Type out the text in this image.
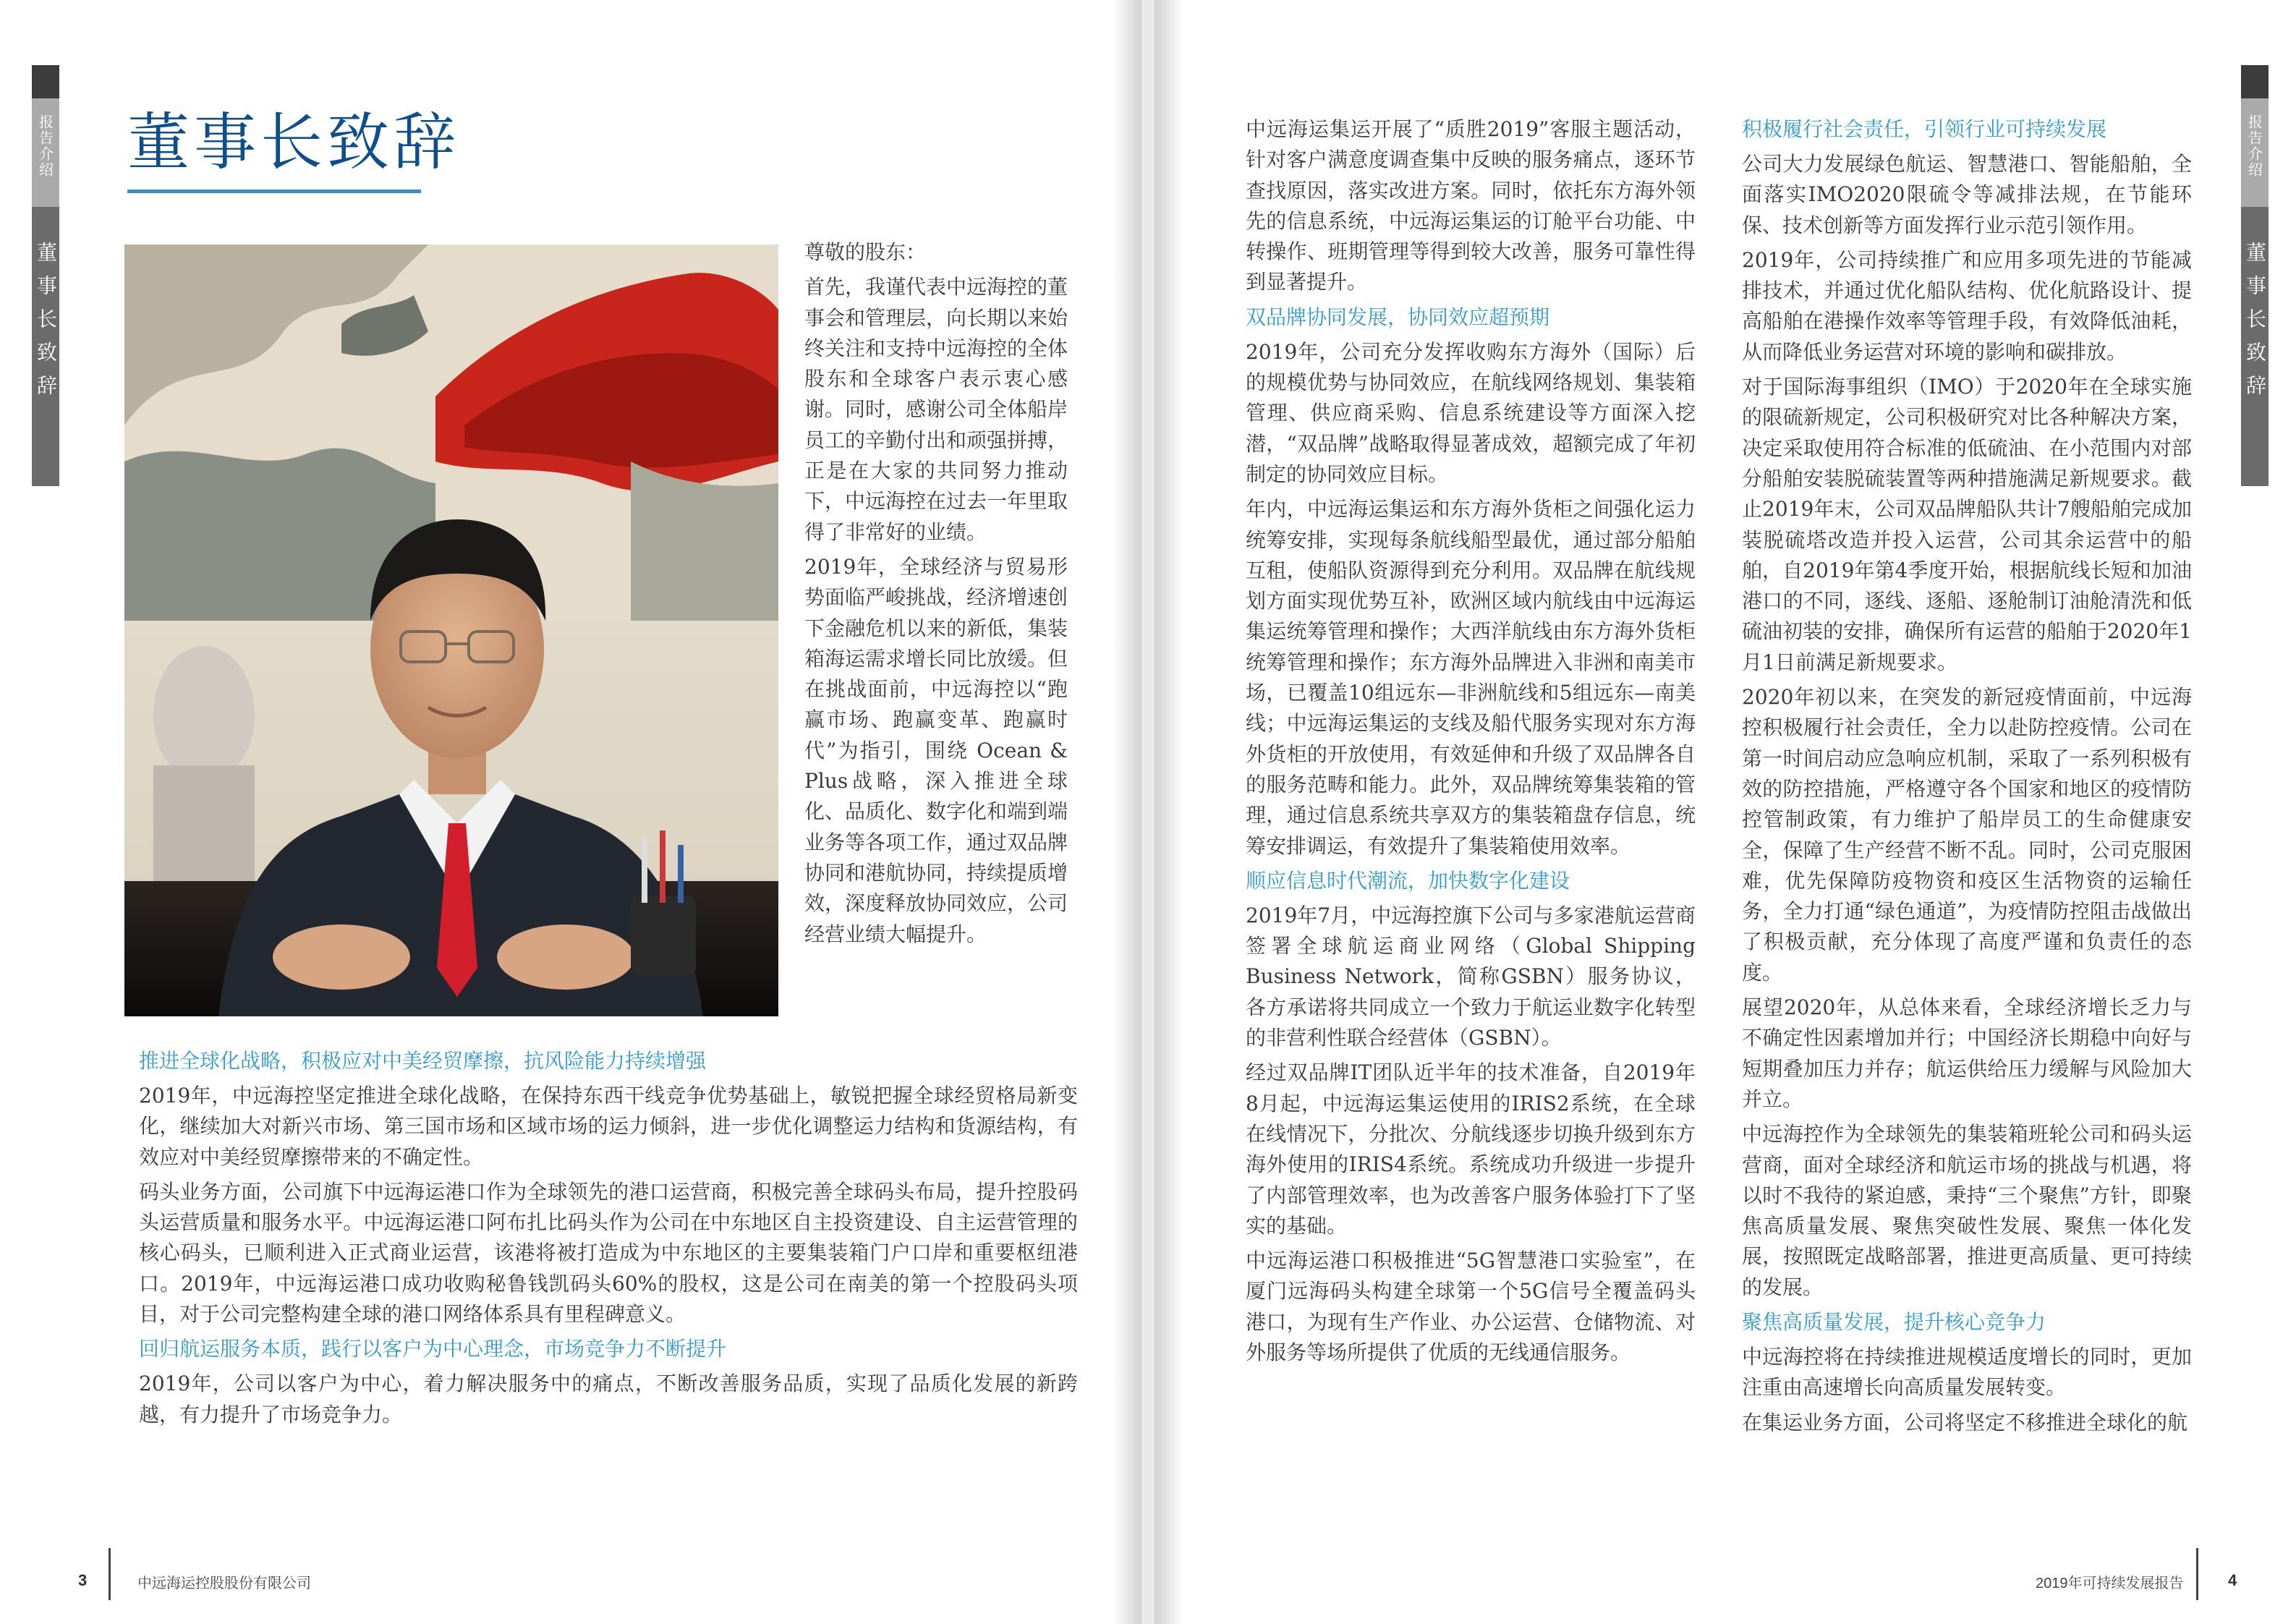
报告介绍
董事长致辞
董事长致辞

尊敬的股东：

首先，我谨代表中远海控的董事会和管理层，向长期以来始终关注和支持中远海控的全体股东和全球客户表示衷心感谢。同时，感谢公司全体船岸员工的辛勤付出和顽强拼搏，正是在大家的共同努力推动下，中远海控在过去一年里取得了非常好的业绩。

2019年，全球经济与贸易形势面临严峻挑战，经济增速创下金融危机以来的新低，集装箱海运需求增长同比放缓。但在挑战面前，中远海控以“跑赢市场、跑赢变革、跑赢时代”为指引，围绕 Ocean & Plus战略，深入推进全球化、品质化、数字化和端到端业务等各项工作，通过双品牌协同和港航协同，持续提质增效，深度释放协同效应，公司经营业绩大幅提升。

推进全球化战略，积极应对中美经贸摩擦，抗风险能力持续增强

2019年，中远海控坚定推进全球化战略，在保持东西干线竞争优势基础上，敏锐把握全球经贸格局新变化，继续加大对新兴市场、第三国市场和区域市场的运力倾斜，进一步优化调整运力结构和货源结构，有效应对中美经贸摩擦带来的不确定性。

码头业务方面，公司旗下中远海运港口作为全球领先的港口运营商，积极完善全球码头布局，提升控股码头运营质量和服务水平。中远海运港口阿布扎比码头作为公司在中东地区自主投资建设、自主运营管理的核心码头，已顺利进入正式商业运营，该港将被打造成为中东地区的主要集装箱门户口岸和重要枢纽港口。2019年，中远海运港口成功收购秘鲁钱凯码头60%的股权，这是公司在南美的第一个控股码头项目，对于公司完整构建全球的港口网络体系具有里程碑意义。

回归航运服务本质，践行以客户为中心理念，市场竞争力不断提升

2019年，公司以客户为中心，着力解决服务中的痛点，不断改善服务品质，实现了品质化发展的新跨越，有力提升了市场竞争力。

3	中远海运控股股份有限公司

中远海运集运开展了“质胜2019”客服主题活动，针对客户满意度调查集中反映的服务痛点，逐环节查找原因，落实改进方案。同时，依托东方海外领先的信息系统，中远海运集运的订舱平台功能、中转操作、班期管理等得到较大改善，服务可靠性得到显著提升。

双品牌协同发展，协同效应超预期

2019年，公司充分发挥收购东方海外（国际）后的规模优势与协同效应，在航线网络规划、集装箱管理、供应商采购、信息系统建设等方面深入挖潜，“双品牌”战略取得显著成效，超额完成了年初制定的协同效应目标。

年内，中远海运集运和东方海外货柜之间强化运力统筹安排，实现每条航线船型最优，通过部分船舶互租，使船队资源得到充分利用。双品牌在航线规划方面实现优势互补，欧洲区域内航线由中远海运集运统筹管理和操作；大西洋航线由东方海外货柜统筹管理和操作；东方海外品牌进入非洲和南美市场，已覆盖10组远东—非洲航线和5组远东—南美线；中远海运集运的支线及船代服务实现对东方海外货柜的开放使用，有效延伸和升级了双品牌各自的服务范畴和能力。此外，双品牌统筹集装箱的管理，通过信息系统共享双方的集装箱盘存信息，统筹安排调运，有效提升了集装箱使用效率。

顺应信息时代潮流，加快数字化建设

2019年7月，中远海控旗下公司与多家港航运营商签署全球航运商业网络（Global Shipping Business Network，简称GSBN）服务协议，各方承诺将共同成立一个致力于航运业数字化转型的非营利性联合经营体（GSBN）。

经过双品牌IT团队近半年的技术准备，自2019年8月起，中远海运集运使用的IRIS2系统，在全球在线情况下，分批次、分航线逐步切换升级到东方海外使用的IRIS4系统。系统成功升级进一步提升了内部管理效率，也为改善客户服务体验打下了坚实的基础。

中远海运港口积极推进“5G智慧港口实验室”，在厦门远海码头构建全球第一个5G信号全覆盖码头港口，为现有生产作业、办公运营、仓储物流、对外服务等场所提供了优质的无线通信服务。

积极履行社会责任，引领行业可持续发展

公司大力发展绿色航运、智慧港口、智能船舶，全面落实IMO2020限硫令等减排法规，在节能环保、技术创新等方面发挥行业示范引领作用。

2019年，公司持续推广和应用多项先进的节能减排技术，并通过优化船队结构、优化航路设计、提高船舶在港操作效率等管理手段，有效降低油耗，从而降低业务运营对环境的影响和碳排放。

对于国际海事组织（IMO）于2020年在全球实施的限硫新规定，公司积极研究对比各种解决方案，决定采取使用符合标准的低硫油、在小范围内对部分船舶安装脱硫装置等两种措施满足新规要求。截止2019年末，公司双品牌船队共计7艘船舶完成加装脱硫塔改造并投入运营，公司其余运营中的船舶，自2019年第4季度开始，根据航线长短和加油港口的不同，逐线、逐船、逐舱制订油舱清洗和低硫油初装的安排，确保所有运营的船舶于2020年1月1日前满足新规要求。

2020年初以来，在突发的新冠疫情面前，中远海控积极履行社会责任，全力以赴防控疫情。公司在第一时间启动应急响应机制，采取了一系列积极有效的防控措施，严格遵守各个国家和地区的疫情防控管制政策，有力维护了船岸员工的生命健康安全，保障了生产经营不断不乱。同时，公司克服困难，优先保障防疫物资和疫区生活物资的运输任务，全力打通“绿色通道”，为疫情防控阻击战做出了积极贡献，充分体现了高度严谨和负责任的态度。

展望2020年，从总体来看，全球经济增长乏力与不确定性因素增加并行；中国经济长期稳中向好与短期叠加压力并存；航运供给压力缓解与风险加大并立。

中远海控作为全球领先的集装箱班轮公司和码头运营商，面对全球经济和航运市场的挑战与机遇，将以时不我待的紧迫感，秉持“三个聚焦”方针，即聚焦高质量发展、聚焦突破性发展、聚焦一体化发展，按照既定战略部署，推进更高质量、更可持续的发展。

聚焦高质量发展，提升核心竞争力

中远海控将在持续推进规模适度增长的同时，更加注重由高速增长向高质量发展转变。

在集运业务方面，公司将坚定不移推进全球化的航

报告介绍
董事长致辞
2019年可持续发展报告	4
